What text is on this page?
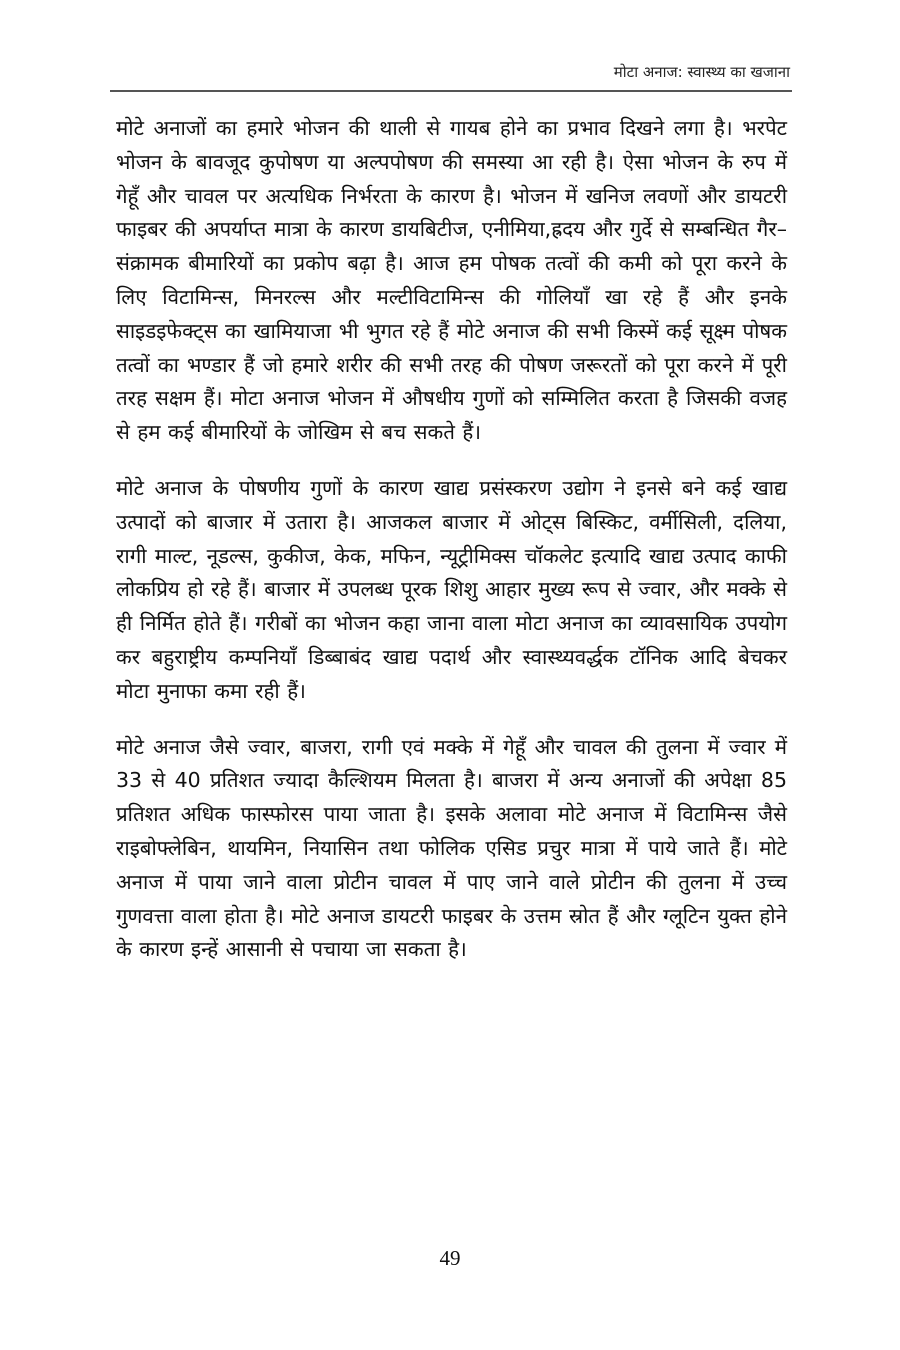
मोटा अनाज: स्वास्थ्य का खजाना

मोटे अनाजों का हमारे भोजन की थाली से गायब होने का प्रभाव दिखने लगा है। भरपेट भोजन के बावजूद कुपोषण या अल्पपोषण की समस्या आ रही है। ऐसा भोजन के रुप में गेहूँ और चावल पर अत्यधिक निर्भरता के कारण है। भोजन में खनिज लवणों और डायटरी फाइबर की अपर्याप्त मात्रा के कारण डायबिटीज, एनीमिया,ह्रदय और गुर्दे से सम्बन्धित गैर–संक्रामक बीमारियों का प्रकोप बढ़ा है। आज हम पोषक तत्वों की कमी को पूरा करने के लिए विटामिन्स, मिनरल्स और मल्टीविटामिन्स की गोलियाँ खा रहे हैं और इनके साइडइफेक्ट्स का खामियाजा भी भुगत रहे हैं मोटे अनाज की सभी किस्में कई सूक्ष्म पोषक तत्वों का भण्डार हैं जो हमारे शरीर की सभी तरह की पोषण जरूरतों को पूरा करने में पूरी तरह सक्षम हैं। मोटा अनाज भोजन में औषधीय गुणों को सम्मिलित करता है जिसकी वजह से हम कई बीमारियों के जोखिम से बच सकते हैं।

मोटे अनाज के पोषणीय गुणों के कारण खाद्य प्रसंस्करण उद्योग ने इनसे बने कई खाद्य उत्पादों को बाजार में उतारा है। आजकल बाजार में ओट्स बिस्किट, वर्मीसिली, दलिया, रागी माल्ट, नूडल्स, कुकीज, केक, मफिन, न्यूट्रीमिक्स चॉकलेट इत्यादि खाद्य उत्पाद काफी लोकप्रिय हो रहे हैं। बाजार में उपलब्ध पूरक शिशु आहार मुख्य रूप से ज्वार, और मक्के से ही निर्मित होते हैं। गरीबों का भोजन कहा जाना वाला मोटा अनाज का व्यावसायिक उपयोग कर बहुराष्ट्रीय कम्पनियाँ डिब्बाबंद खाद्य पदार्थ और स्वास्थ्यवर्द्धक टॉनिक आदि बेचकर मोटा मुनाफा कमा रही हैं।

मोटे अनाज जैसे ज्वार, बाजरा, रागी एवं मक्के में गेहूँ और चावल की तुलना में ज्वार में 33 से 40 प्रतिशत ज्यादा कैल्शियम मिलता है। बाजरा में अन्य अनाजों की अपेक्षा 85 प्रतिशत अधिक फास्फोरस पाया जाता है। इसके अलावा मोटे अनाज में विटामिन्स जैसे राइबोफ्लेबिन, थायमिन, नियासिन तथा फोलिक एसिड प्रचुर मात्रा में पाये जाते हैं। मोटे अनाज में पाया जाने वाला प्रोटीन चावल में पाए जाने वाले प्रोटीन की तुलना में उच्च गुणवत्ता वाला होता है। मोटे अनाज डायटरी फाइबर के उत्तम स्रोत हैं और ग्लूटिन युक्त होने के कारण इन्हें आसानी से पचाया जा सकता है।

49
